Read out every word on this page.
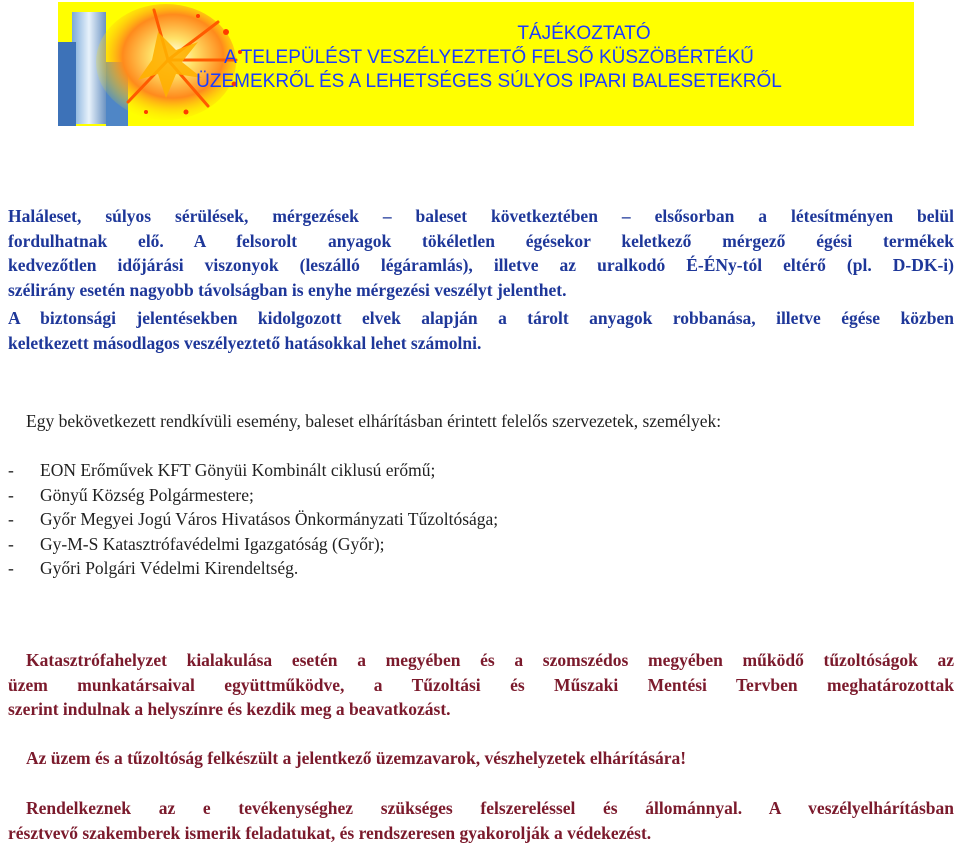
TÁJÉKOZTATÓ
A TELEPÜLÉST VESZÉLYEZTETŐ FELSŐ KÜSZÖBÉRTÉKŰ
ÜZEMEKRŐL ÉS A LEHETSÉGES SÚLYOS IPARI BALESETEKRŐL
Haláleset, súlyos sérülések, mérgezések – baleset következtében – elsősorban a létesítményen belül
fordulhatnak elő. A felsorolt anyagok tökéletlen égésekor keletkező mérgező égési termékek
kedvezőtlen időjárási viszonyok (leszálló légáramlás), illetve az uralkodó É-ÉNy-tól eltérő (pl. D-DK-i)
szélirány esetén nagyobb távolságban is enyhe mérgezési veszélyt jelenthet.
A biztonsági jelentésekben kidolgozott elvek alapján a tárolt anyagok robbanása, illetve égése közben
keletkezett másodlagos veszélyeztető hatásokkal lehet számolni.
Egy bekövetkezett rendkívüli esemény, baleset elhárításban érintett felelős szervezetek, személyek:
-	EON Erőművek KFT Gönyüi Kombinált ciklusú erőmű;
-	Gönyű Község Polgármestere;
-	Győr Megyei Jogú Város Hivatásos Önkormányzati Tűzoltósága;
-	Gy-M-S Katasztrófavédelmi Igazgatóság (Győr);
-	Győri Polgári Védelmi Kirendeltség.
Katasztrófahelyzet kialakulása esetén a megyében és a szomszédos megyében működő tűzoltóságok az
üzem munkatársaival együttműködve, a Tűzoltási és Műszaki Mentési Tervben meghatározottak
szerint indulnak a helyszínre és kezdik meg a beavatkozást.
Az üzem és a tűzoltóság felkészült a jelentkező üzemzavarok, vészhelyzetek elhárítására!
Rendelkeznek az e tevékenységhez szükséges felszereléssel és állománnyal. A veszélyelhárításban
résztvevő szakemberek ismerik feladatukat, és rendszeresen gyakorolják a védekezést.
